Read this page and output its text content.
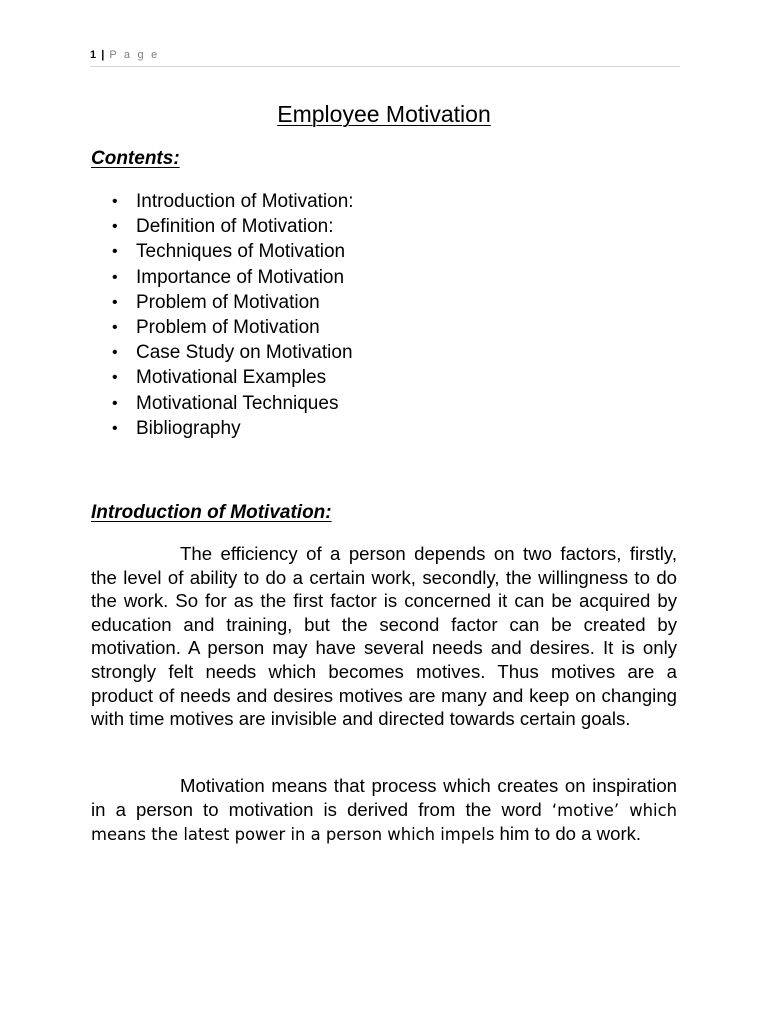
1 | P a g e
Employee Motivation
Contents:
• Introduction of Motivation:
• Definition of Motivation:
• Techniques of Motivation
• Importance of Motivation
• Problem of Motivation
• Problem of Motivation
• Case Study on Motivation
• Motivational Examples
• Motivational Techniques
• Bibliography
Introduction of Motivation:

The efficiency of a person depends on two factors, firstly, the level of ability to do a certain work, secondly, the willingness to do the work. So for as the first factor is concerned it can be acquired by education and training, but the second factor can be created by motivation. A person may have several needs and desires. It is only strongly felt needs which becomes motives. Thus motives are a product of needs and desires motives are many and keep on changing with time motives are invisible and directed towards certain goals.

Motivation means that process which creates on inspiration in a person to motivation is derived from the word ‘motive’ which means the latest power in a person which impels him to do a work.
